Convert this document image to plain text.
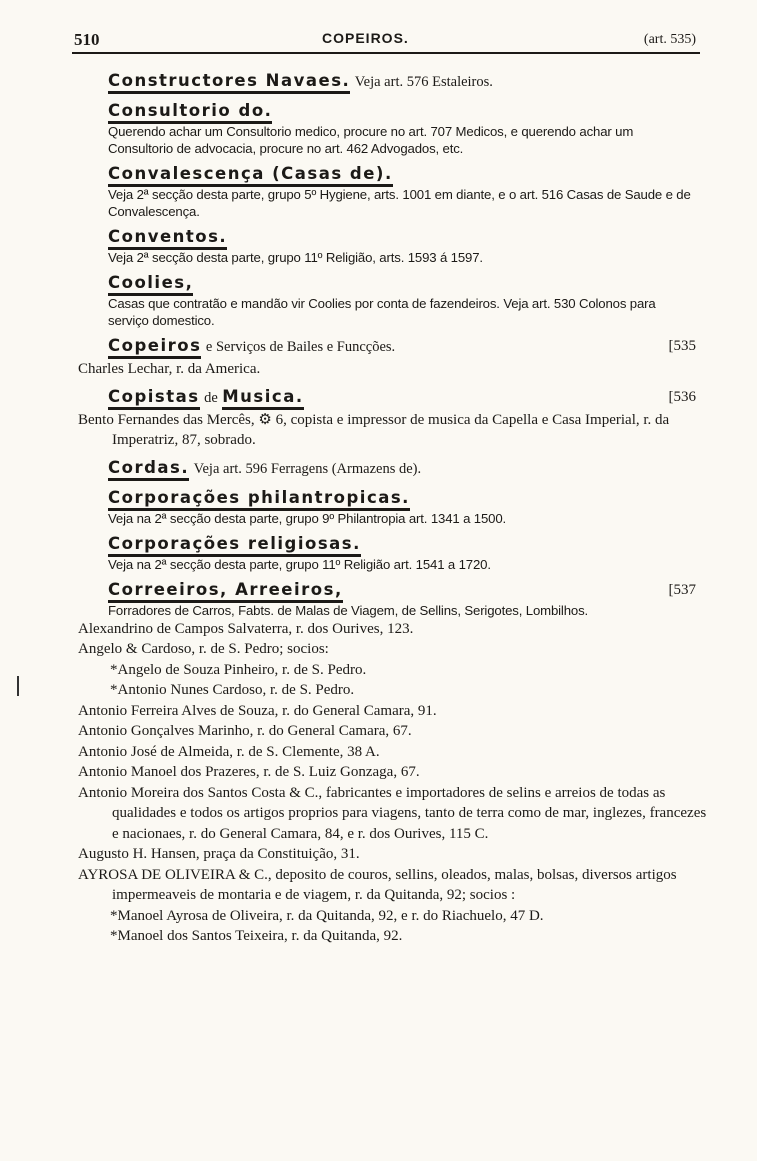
510	COPEIROS.	(art. 535)
Constructores Navaes. Veja art. 576 Estaleiros.
Consultorio do.
Querendo achar um Consultorio medico, procure no art. 707 Medicos, e querendo achar um Consultorio de advocacia, procure no art. 462 Advogados, etc.
Convalescença (Casas de).
Veja 2ª secção desta parte, grupo 5º Hygiene, arts. 1001 em diante, e o art. 516 Casas de Saude e de Convalescença.
Conventos.
Veja 2ª secção desta parte, grupo 11º Religião, arts. 1593 á 1597.
Coolies,
Casas que contratão e mandão vir Coolies por conta de fazendeiros. Veja art. 530 Colonos para serviço domestico.
Copeiros e Serviços de Bailes e Funcções.	[535
Charles Lechar, r. da America.
Copistas de Musica.	[536
Bento Fernandes das Mercês, ⚙ 6, copista e impressor de musica da Capella e Casa Imperial, r. da Imperatriz, 87, sobrado.
Cordas. Veja art. 596 Ferragens (Armazens de).
Corporações philantropicas.
Veja na 2ª secção desta parte, grupo 9º Philantropia art. 1341 a 1500.
Corporações religiosas.
Veja na 2ª secção desta parte, grupo 11º Religião art. 1541 a 1720.
Correeiros, Arreeiros,	[537
Forradores de Carros, Fabts. de Malas de Viagem, de Sellins, Serigotes, Lombilhos.
Alexandrino de Campos Salvaterra, r. dos Ourives, 123.
Angelo & Cardoso, r. de S. Pedro; socios:
*Angelo de Souza Pinheiro, r. de S. Pedro.
*Antonio Nunes Cardoso, r. de S. Pedro.
Antonio Ferreira Alves de Souza, r. do General Camara, 91.
Antonio Gonçalves Marinho, r. do General Camara, 67.
Antonio José de Almeida, r. de S. Clemente, 38 A.
Antonio Manoel dos Prazeres, r. de S. Luiz Gonzaga, 67.
Antonio Moreira dos Santos Costa & C., fabricantes e importadores de selins e arreios de todas as qualidades e todos os artigos proprios para viagens, tanto de terra como de mar, inglezes, francezes e nacionaes, r. do General Camara, 84, e r. dos Ourives, 115 C.
Augusto H. Hansen, praça da Constituição, 31.
AYROSA DE OLIVEIRA & C., deposito de couros, sellins, oleados, malas, bolsas, diversos artigos impermeaveis de montaria e de viagem, r. da Quitanda, 92; socios :
*Manoel Ayrosa de Oliveira, r. da Quitanda, 92, e r. do Riachuelo, 47 D.
*Manoel dos Santos Teixeira, r. da Quitanda, 92.
